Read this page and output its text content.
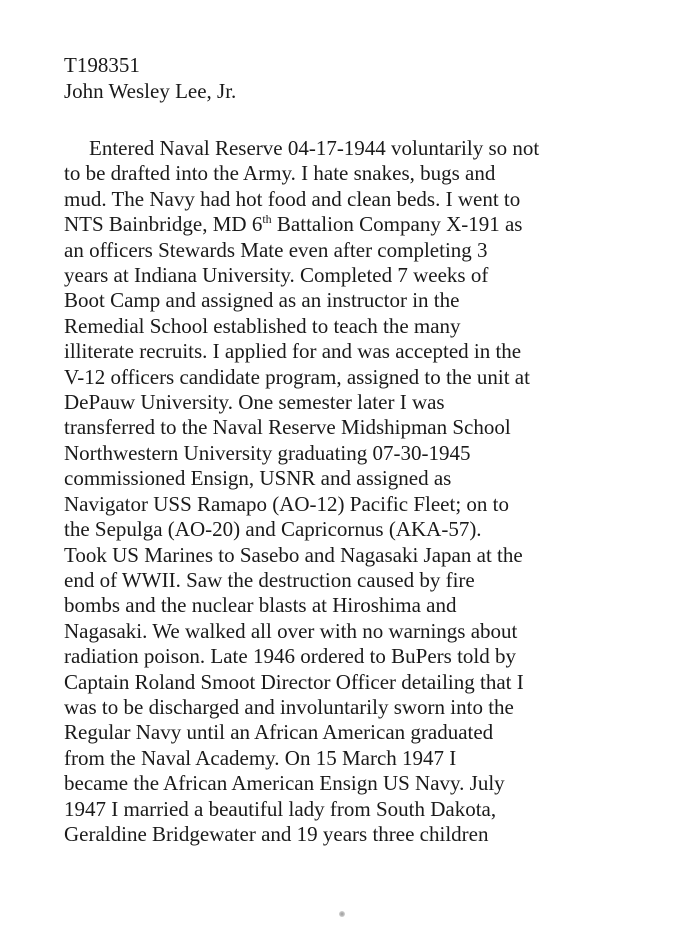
T198351
John Wesley Lee, Jr.
Entered Naval Reserve 04-17-1944 voluntarily so not
to be drafted into the Army. I hate snakes, bugs and
mud. The Navy had hot food and clean beds. I went to
NTS Bainbridge, MD 6th Battalion Company X-191 as
an officers Stewards Mate even after completing 3
years at Indiana University. Completed 7 weeks of
Boot Camp and assigned as an instructor in the
Remedial School established to teach the many
illiterate recruits. I applied for and was accepted in the
V-12 officers candidate program, assigned to the unit at
DePauw University. One semester later I was
transferred to the Naval Reserve Midshipman School
Northwestern University graduating 07-30-1945
commissioned Ensign, USNR and assigned as
Navigator USS Ramapo (AO-12) Pacific Fleet; on to
the Sepulga (AO-20) and Capricornus (AKA-57).
Took US Marines to Sasebo and Nagasaki Japan at the
end of WWII. Saw the destruction caused by fire
bombs and the nuclear blasts at Hiroshima and
Nagasaki. We walked all over with no warnings about
radiation poison. Late 1946 ordered to BuPers told by
Captain Roland Smoot Director Officer detailing that I
was to be discharged and involuntarily sworn into the
Regular Navy until an African American graduated
from the Naval Academy. On 15 March 1947 I
became the African American Ensign US Navy. July
1947 I married a beautiful lady from South Dakota,
Geraldine Bridgewater and 19 years three children
